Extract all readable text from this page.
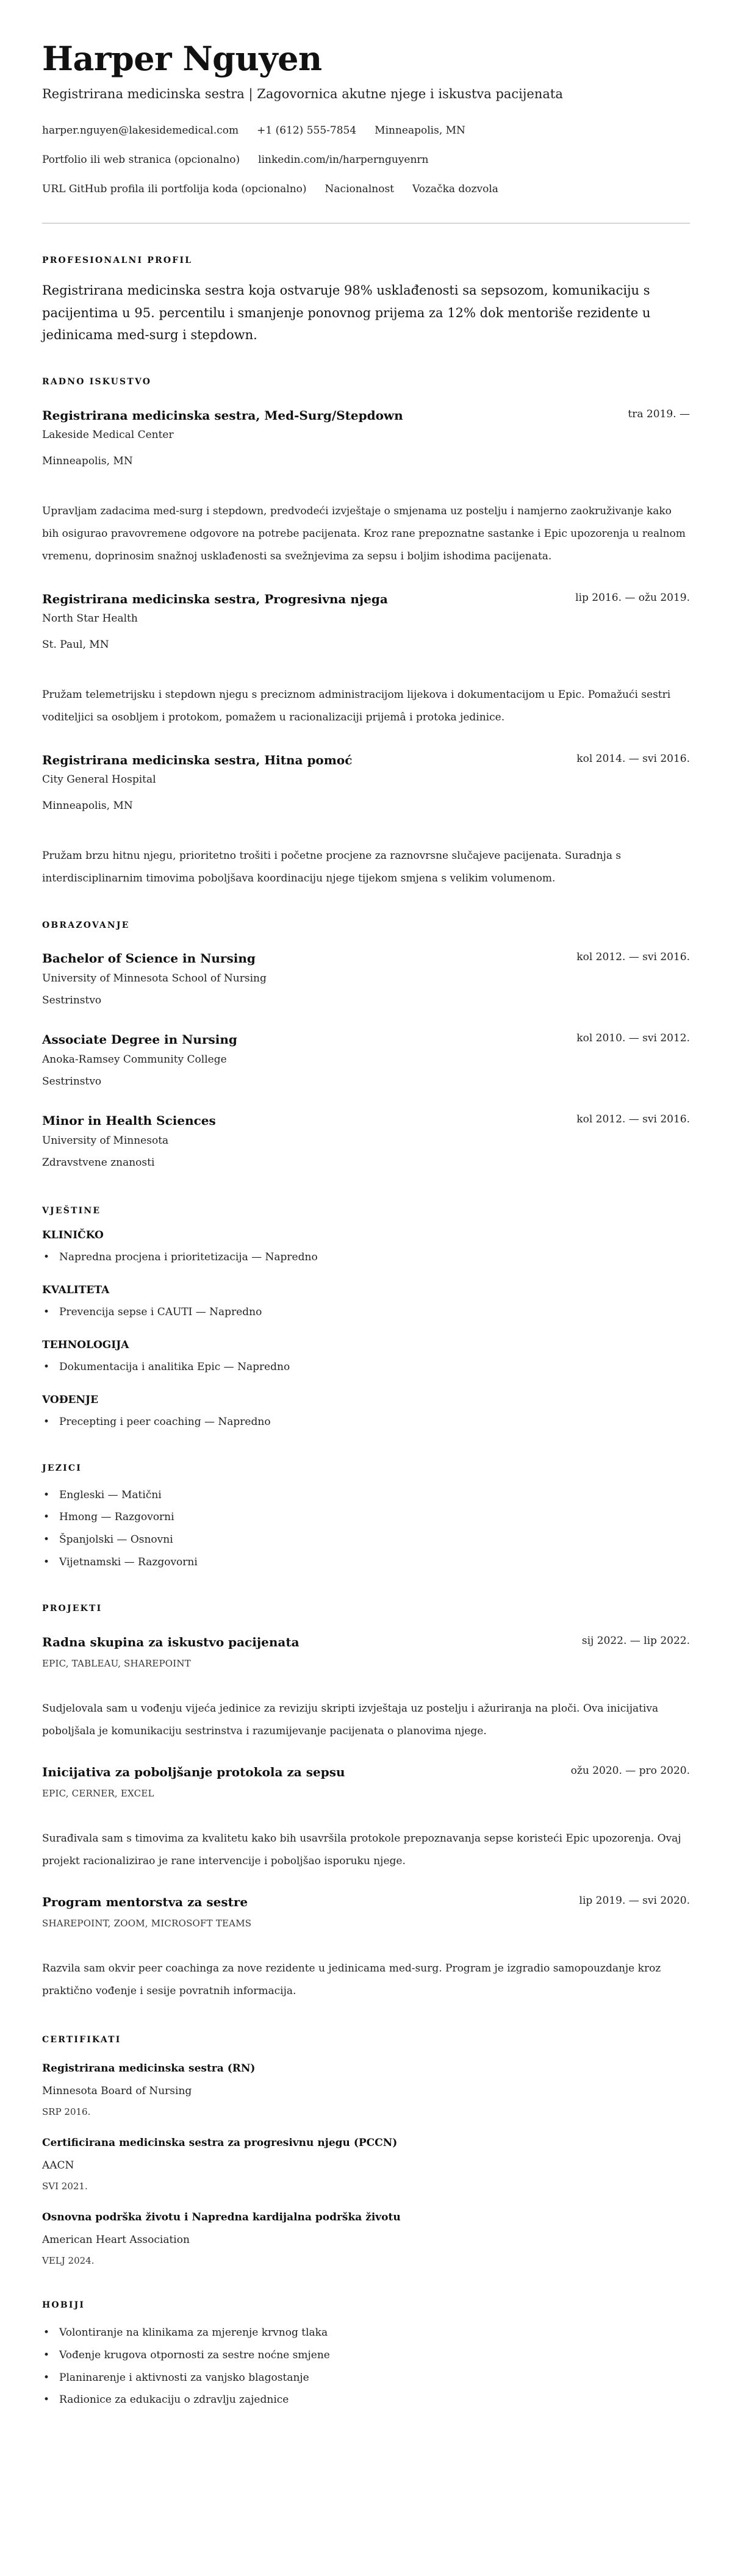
Harper Nguyen
Registrirana medicinska sestra | Zagovornica akutne njege i iskustva pacijenata
harper.nguyen@lakesidemedical.com +1 (612) 555-7854 Minneapolis, MN
Portfolio ili web stranica (opcionalno) linkedin.com/in/harpernguyenrn
URL GitHub profila ili portfolija koda (opcionalno) Nacionalnost Vozačka dozvola
PROFESIONALNI PROFIL
Registrirana medicinska sestra koja ostvaruje 98% usklađenosti sa sepsozom, komunikaciju s pacijentima u 95. percentilu i smanjenje ponovnog prijema za 12% dok mentoriše rezidente u jedinicama med-surg i stepdown.
RADNO ISKUSTVO
Registrirana medicinska sestra, Med-Surg/Stepdown	tra 2019. —
Lakeside Medical Center
Minneapolis, MN
Upravljam zadacima med-surg i stepdown, predvodeći izvještaje o smjenama uz postelju i namjerno zaokruživanje kako bih osigurao pravovremene odgovore na potrebe pacijenata. Kroz rane prepoznatne sastanke i Epic upozorenja u realnom vremenu, doprinosim snažnoj usklađenosti sa svežnjevima za sepsu i boljim ishodima pacijenata.
Registrirana medicinska sestra, Progresivna njega	lip 2016. — ožu 2019.
North Star Health
St. Paul, MN
Pružam telemetrijsku i stepdown njegu s preciznom administracijom lijekova i dokumentacijom u Epic. Pomažući sestri voditeljici sa osobljem i protokom, pomažem u racionalizaciji prijemâ i protoka jedinice.
Registrirana medicinska sestra, Hitna pomoć	kol 2014. — svi 2016.
City General Hospital
Minneapolis, MN
Pružam brzu hitnu njegu, prioritetno trošiti i početne procjene za raznovrsne slučajeve pacijenata. Suradnja s interdisciplinarnim timovima poboljšava koordinaciju njege tijekom smjena s velikim volumenom.
OBRAZOVANJE
Bachelor of Science in Nursing	kol 2012. — svi 2016.
University of Minnesota School of Nursing
Sestrinstvo
Associate Degree in Nursing	kol 2010. — svi 2012.
Anoka-Ramsey Community College
Sestrinstvo
Minor in Health Sciences	kol 2012. — svi 2016.
University of Minnesota
Zdravstvene znanosti
VJEŠTINE
KLINIČKO
• Napredna procjena i prioritetizacija — Napredno
KVALITETA
• Prevencija sepse i CAUTI — Napredno
TEHNOLOGIJA
• Dokumentacija i analitika Epic — Napredno
VOĐENJE
• Precepting i peer coaching — Napredno
JEZICI
• Engleski — Matični
• Hmong — Razgovorni
• Španjolski — Osnovni
• Vijetnamski — Razgovorni
PROJEKTI
Radna skupina za iskustvo pacijenata	sij 2022. — lip 2022.
EPIC, TABLEAU, SHAREPOINT
Sudjelovala sam u vođenju vijeća jedinice za reviziju skripti izvještaja uz postelju i ažuriranja na ploči. Ova inicijativa poboljšala je komunikaciju sestrinstva i razumijevanje pacijenata o planovima njege.
Inicijativa za poboljšanje protokola za sepsu	ožu 2020. — pro 2020.
EPIC, CERNER, EXCEL
Surađivala sam s timovima za kvalitetu kako bih usavršila protokole prepoznavanja sepse koristeći Epic upozorenja. Ovaj projekt racionalizirao je rane intervencije i poboljšao isporuku njege.
Program mentorstva za sestre	lip 2019. — svi 2020.
SHAREPOINT, ZOOM, MICROSOFT TEAMS
Razvila sam okvir peer coachinga za nove rezidente u jedinicama med-surg. Program je izgradio samopouzdanje kroz praktično vođenje i sesije povratnih informacija.
CERTIFIKATI
Registrirana medicinska sestra (RN)
Minnesota Board of Nursing
SRP 2016.
Certificirana medicinska sestra za progresivnu njegu (PCCN)
AACN
SVI 2021.
Osnovna podrška životu i Napredna kardijalna podrška životu
American Heart Association
VELJ 2024.
HOBIJI
• Volontiranje na klinikama za mjerenje krvnog tlaka
• Vođenje krugova otpornosti za sestre noćne smjene
• Planinarenje i aktivnosti za vanjsko blagostanje
• Radionice za edukaciju o zdravlju zajednice
